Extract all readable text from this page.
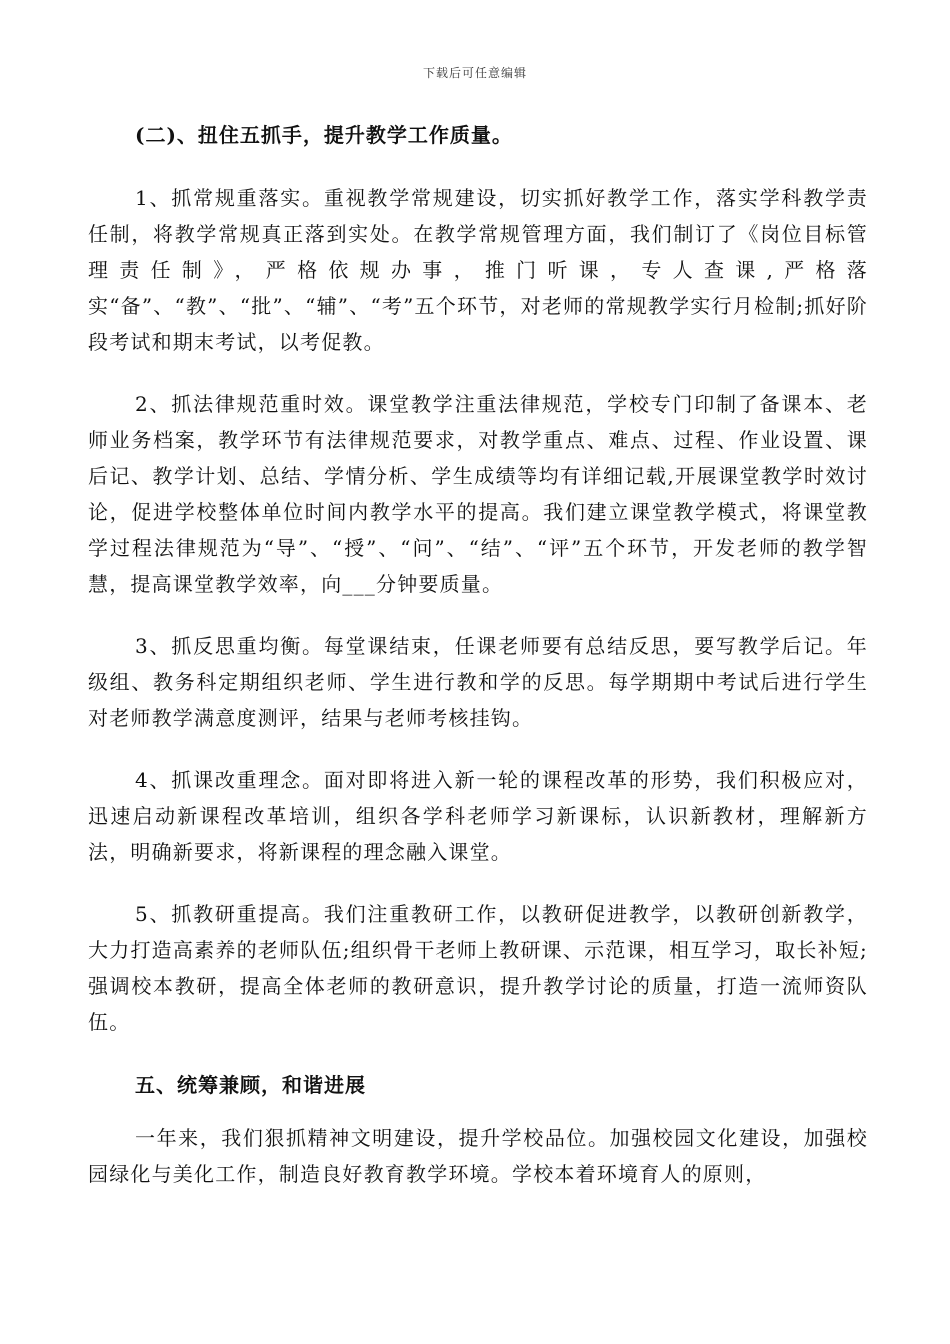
下载后可任意编辑

(二)、扭住五抓手，提升教学工作质量。

1、抓常规重落实。重视教学常规建设，切实抓好教学工作，落实学科教学责任制，将教学常规真正落到实处。在教学常规管理方面，我们制订了《岗位目标管理责任制》，严格依规办事，推门听课，专人查课,严格落实“备”、“教”、“批”、“辅”、“考”五个环节，对老师的常规教学实行月检制;抓好阶段考试和期末考试，以考促教。

2、抓法律规范重时效。课堂教学注重法律规范，学校专门印制了备课本、老师业务档案，教学环节有法律规范要求，对教学重点、难点、过程、作业设置、课后记、教学计划、总结、学情分析、学生成绩等均有详细记载,开展课堂教学时效讨论，促进学校整体单位时间内教学水平的提高。我们建立课堂教学模式，将课堂教学过程法律规范为“导”、“授”、“问”、“结”、“评”五个环节，开发老师的教学智慧，提高课堂教学效率，向___分钟要质量。

3、抓反思重均衡。每堂课结束，任课老师要有总结反思，要写教学后记。年级组、教务科定期组织老师、学生进行教和学的反思。每学期期中考试后进行学生对老师教学满意度测评，结果与老师考核挂钩。

4、抓课改重理念。面对即将进入新一轮的课程改革的形势，我们积极应对，迅速启动新课程改革培训，组织各学科老师学习新课标，认识新教材，理解新方法，明确新要求，将新课程的理念融入课堂。

5、抓教研重提高。我们注重教研工作，以教研促进教学，以教研创新教学，大力打造高素养的老师队伍;组织骨干老师上教研课、示范课，相互学习，取长补短;强调校本教研，提高全体老师的教研意识，提升教学讨论的质量，打造一流师资队伍。

五、统筹兼顾，和谐进展

一年来，我们狠抓精神文明建设，提升学校品位。加强校园文化建设，加强校园绿化与美化工作，制造良好教育教学环境。学校本着环境育人的原则，
